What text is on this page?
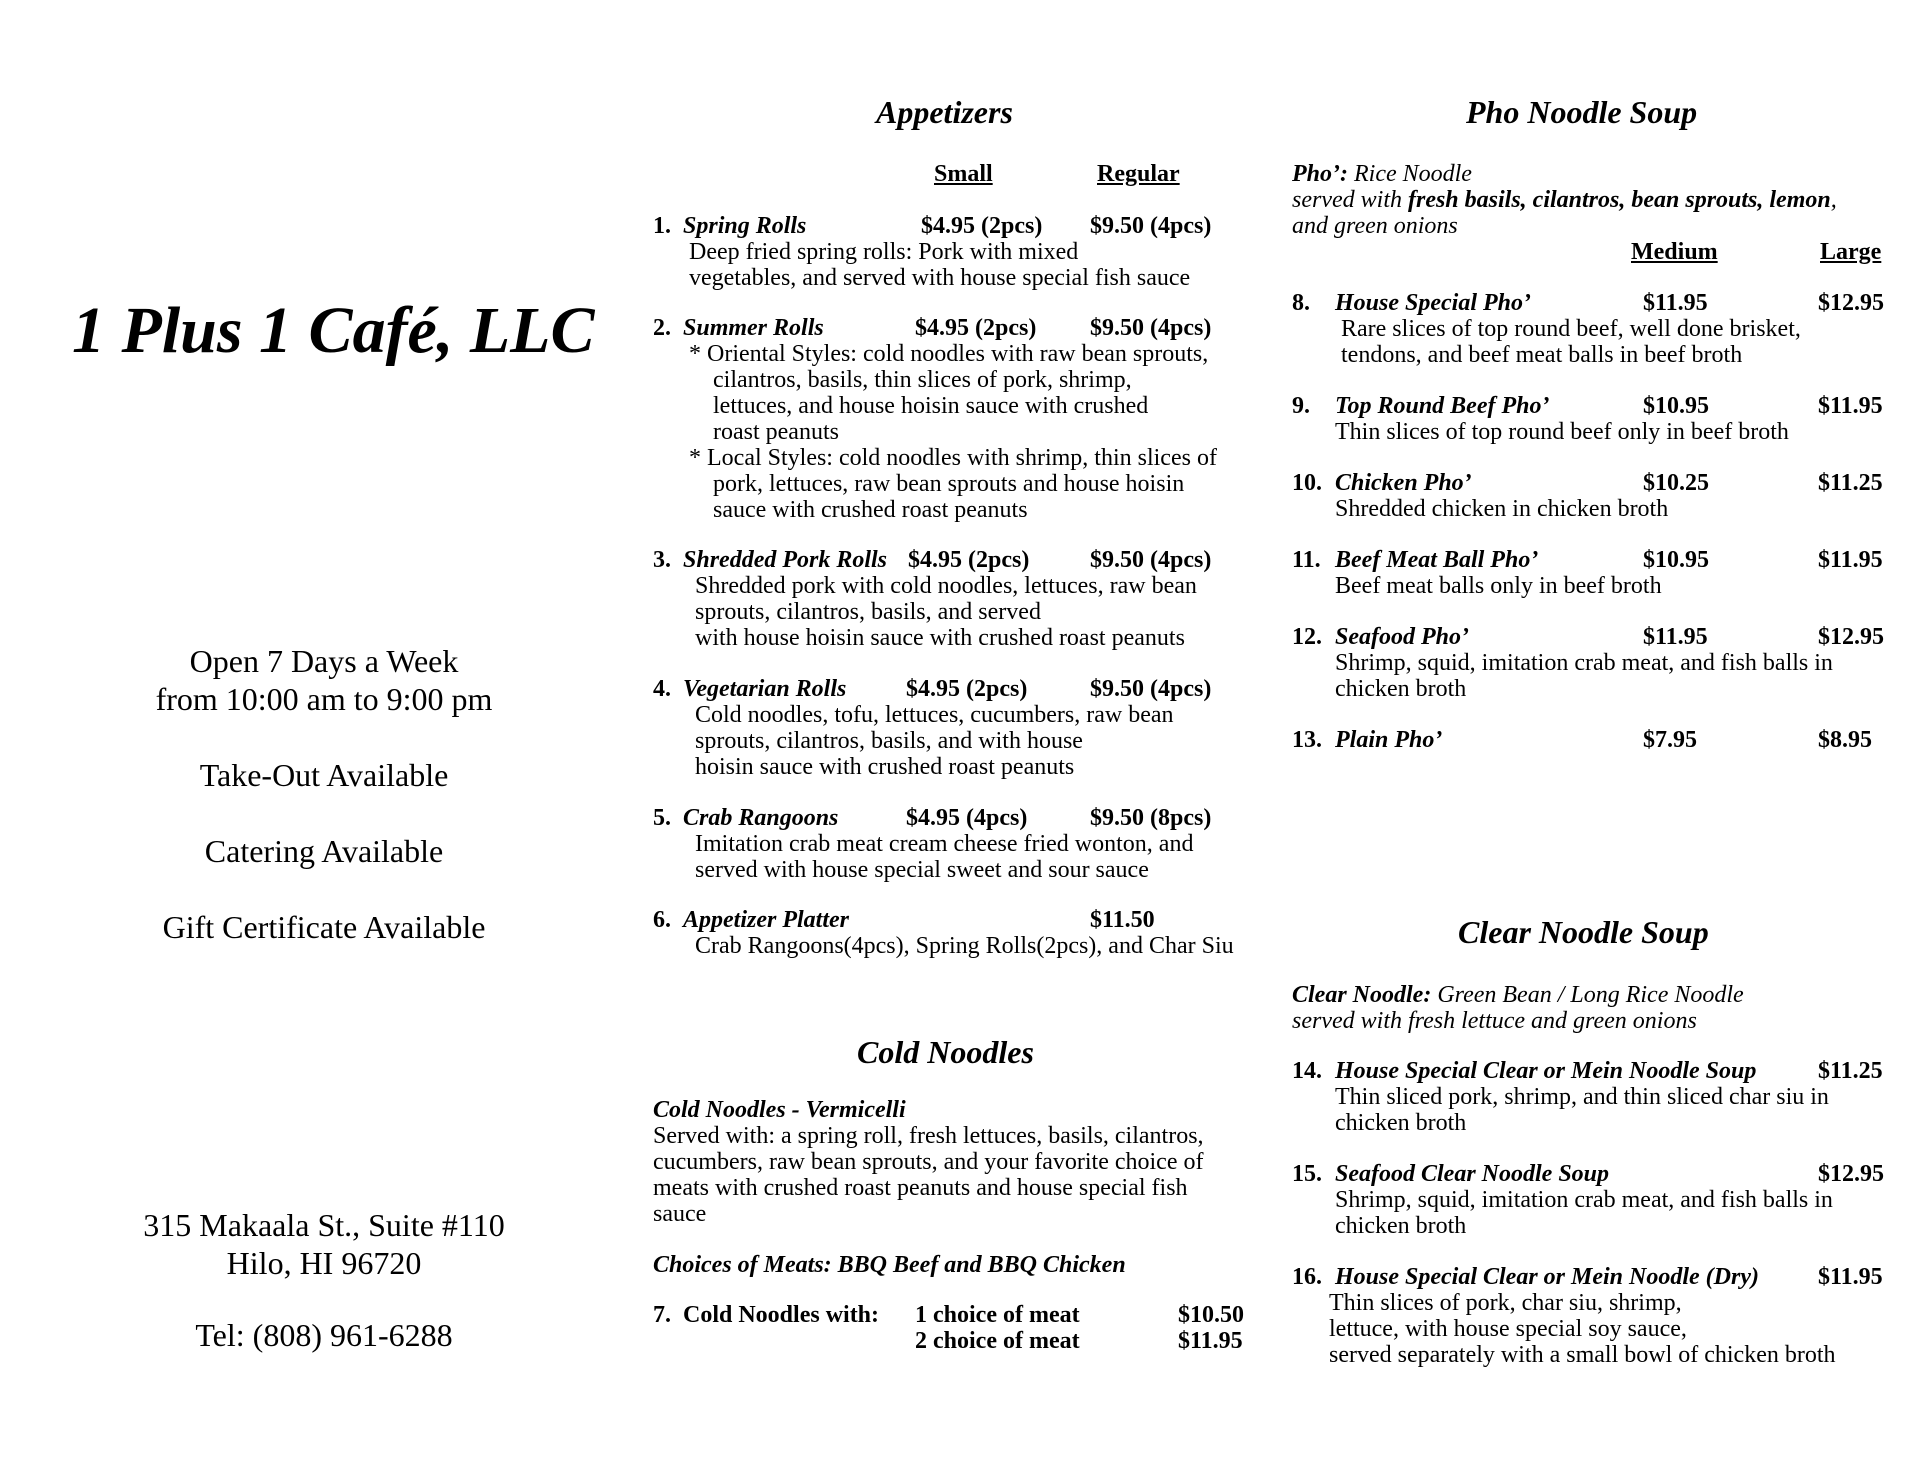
1 Plus 1 Café, LLC
Open 7 Days a Week
from 10:00 am to 9:00 pm
Take-Out Available
Catering Available
Gift Certificate Available
315 Makaala St., Suite #110
Hilo, HI 96720
Tel: (808) 961-6288
Appetizers
Small	Regular
1. Spring Rolls	$4.95 (2pcs) $9.50 (4pcs)
Deep fried spring rolls: Pork with mixed
vegetables, and served with house special fish sauce
2. Summer Rolls	$4.95 (2pcs) $9.50 (4pcs)
* Oriental Styles: cold noodles with raw bean sprouts,
cilantros, basils, thin slices of pork, shrimp,
lettuces, and house hoisin sauce with crushed
roast peanuts
* Local Styles: cold noodles with shrimp, thin slices of
pork, lettuces, raw bean sprouts and house hoisin
sauce with crushed roast peanuts
3. Shredded Pork Rolls $4.95 (2pcs)	$9.50 (4pcs)
Shredded pork with cold noodles, lettuces, raw bean
sprouts, cilantros, basils, and served
with house hoisin sauce with crushed roast peanuts
4. Vegetarian Rolls $4.95 (2pcs)	$9.50 (4pcs)
Cold noodles, tofu, lettuces, cucumbers, raw bean
sprouts, cilantros, basils, and with house
hoisin sauce with crushed roast peanuts
5. Crab Rangoons	$4.95 (4pcs)	$9.50 (8pcs)
Imitation crab meat cream cheese fried wonton, and
served with house special sweet and sour sauce
6. Appetizer Platter	$11.50
Crab Rangoons(4pcs), Spring Rolls(2pcs), and Char Siu
Cold Noodles
Cold Noodles - Vermicelli
Served with: a spring roll, fresh lettuces, basils, cilantros,
cucumbers, raw bean sprouts, and your favorite choice of
meats with crushed roast peanuts and house special fish
sauce
Choices of Meats: BBQ Beef and BBQ Chicken
7. Cold Noodles with: 1 choice of meat	$10.50
2 choice of meat	$11.95
Pho Noodle Soup
Pho’: Rice Noodle
served with fresh basils, cilantros, bean sprouts, lemon,
and green onions
Medium	Large
8. House Special Pho’	$11.95	$12.95
Rare slices of top round beef, well done brisket,
tendons, and beef meat balls in beef broth
9. Top Round Beef Pho’	$10.95	$11.95
Thin slices of top round beef only in beef broth
10. Chicken Pho’	$10.25	$11.25
Shredded chicken in chicken broth
11. Beef Meat Ball Pho’	$10.95	$11.95
Beef meat balls only in beef broth
12. Seafood Pho’	$11.95	$12.95
Shrimp, squid, imitation crab meat, and fish balls in
chicken broth
13. Plain Pho’	$7.95	$8.95
Clear Noodle Soup
Clear Noodle: Green Bean / Long Rice Noodle
served with fresh lettuce and green onions
14. House Special Clear or Mein Noodle Soup	$11.25
Thin sliced pork, shrimp, and thin sliced char siu in
chicken broth
15. Seafood Clear Noodle Soup	$12.95
Shrimp, squid, imitation crab meat, and fish balls in
chicken broth
16. House Special Clear or Mein Noodle (Dry) $11.95
Thin slices of pork, char siu, shrimp,
lettuce, with house special soy sauce,
served separately with a small bowl of chicken broth
